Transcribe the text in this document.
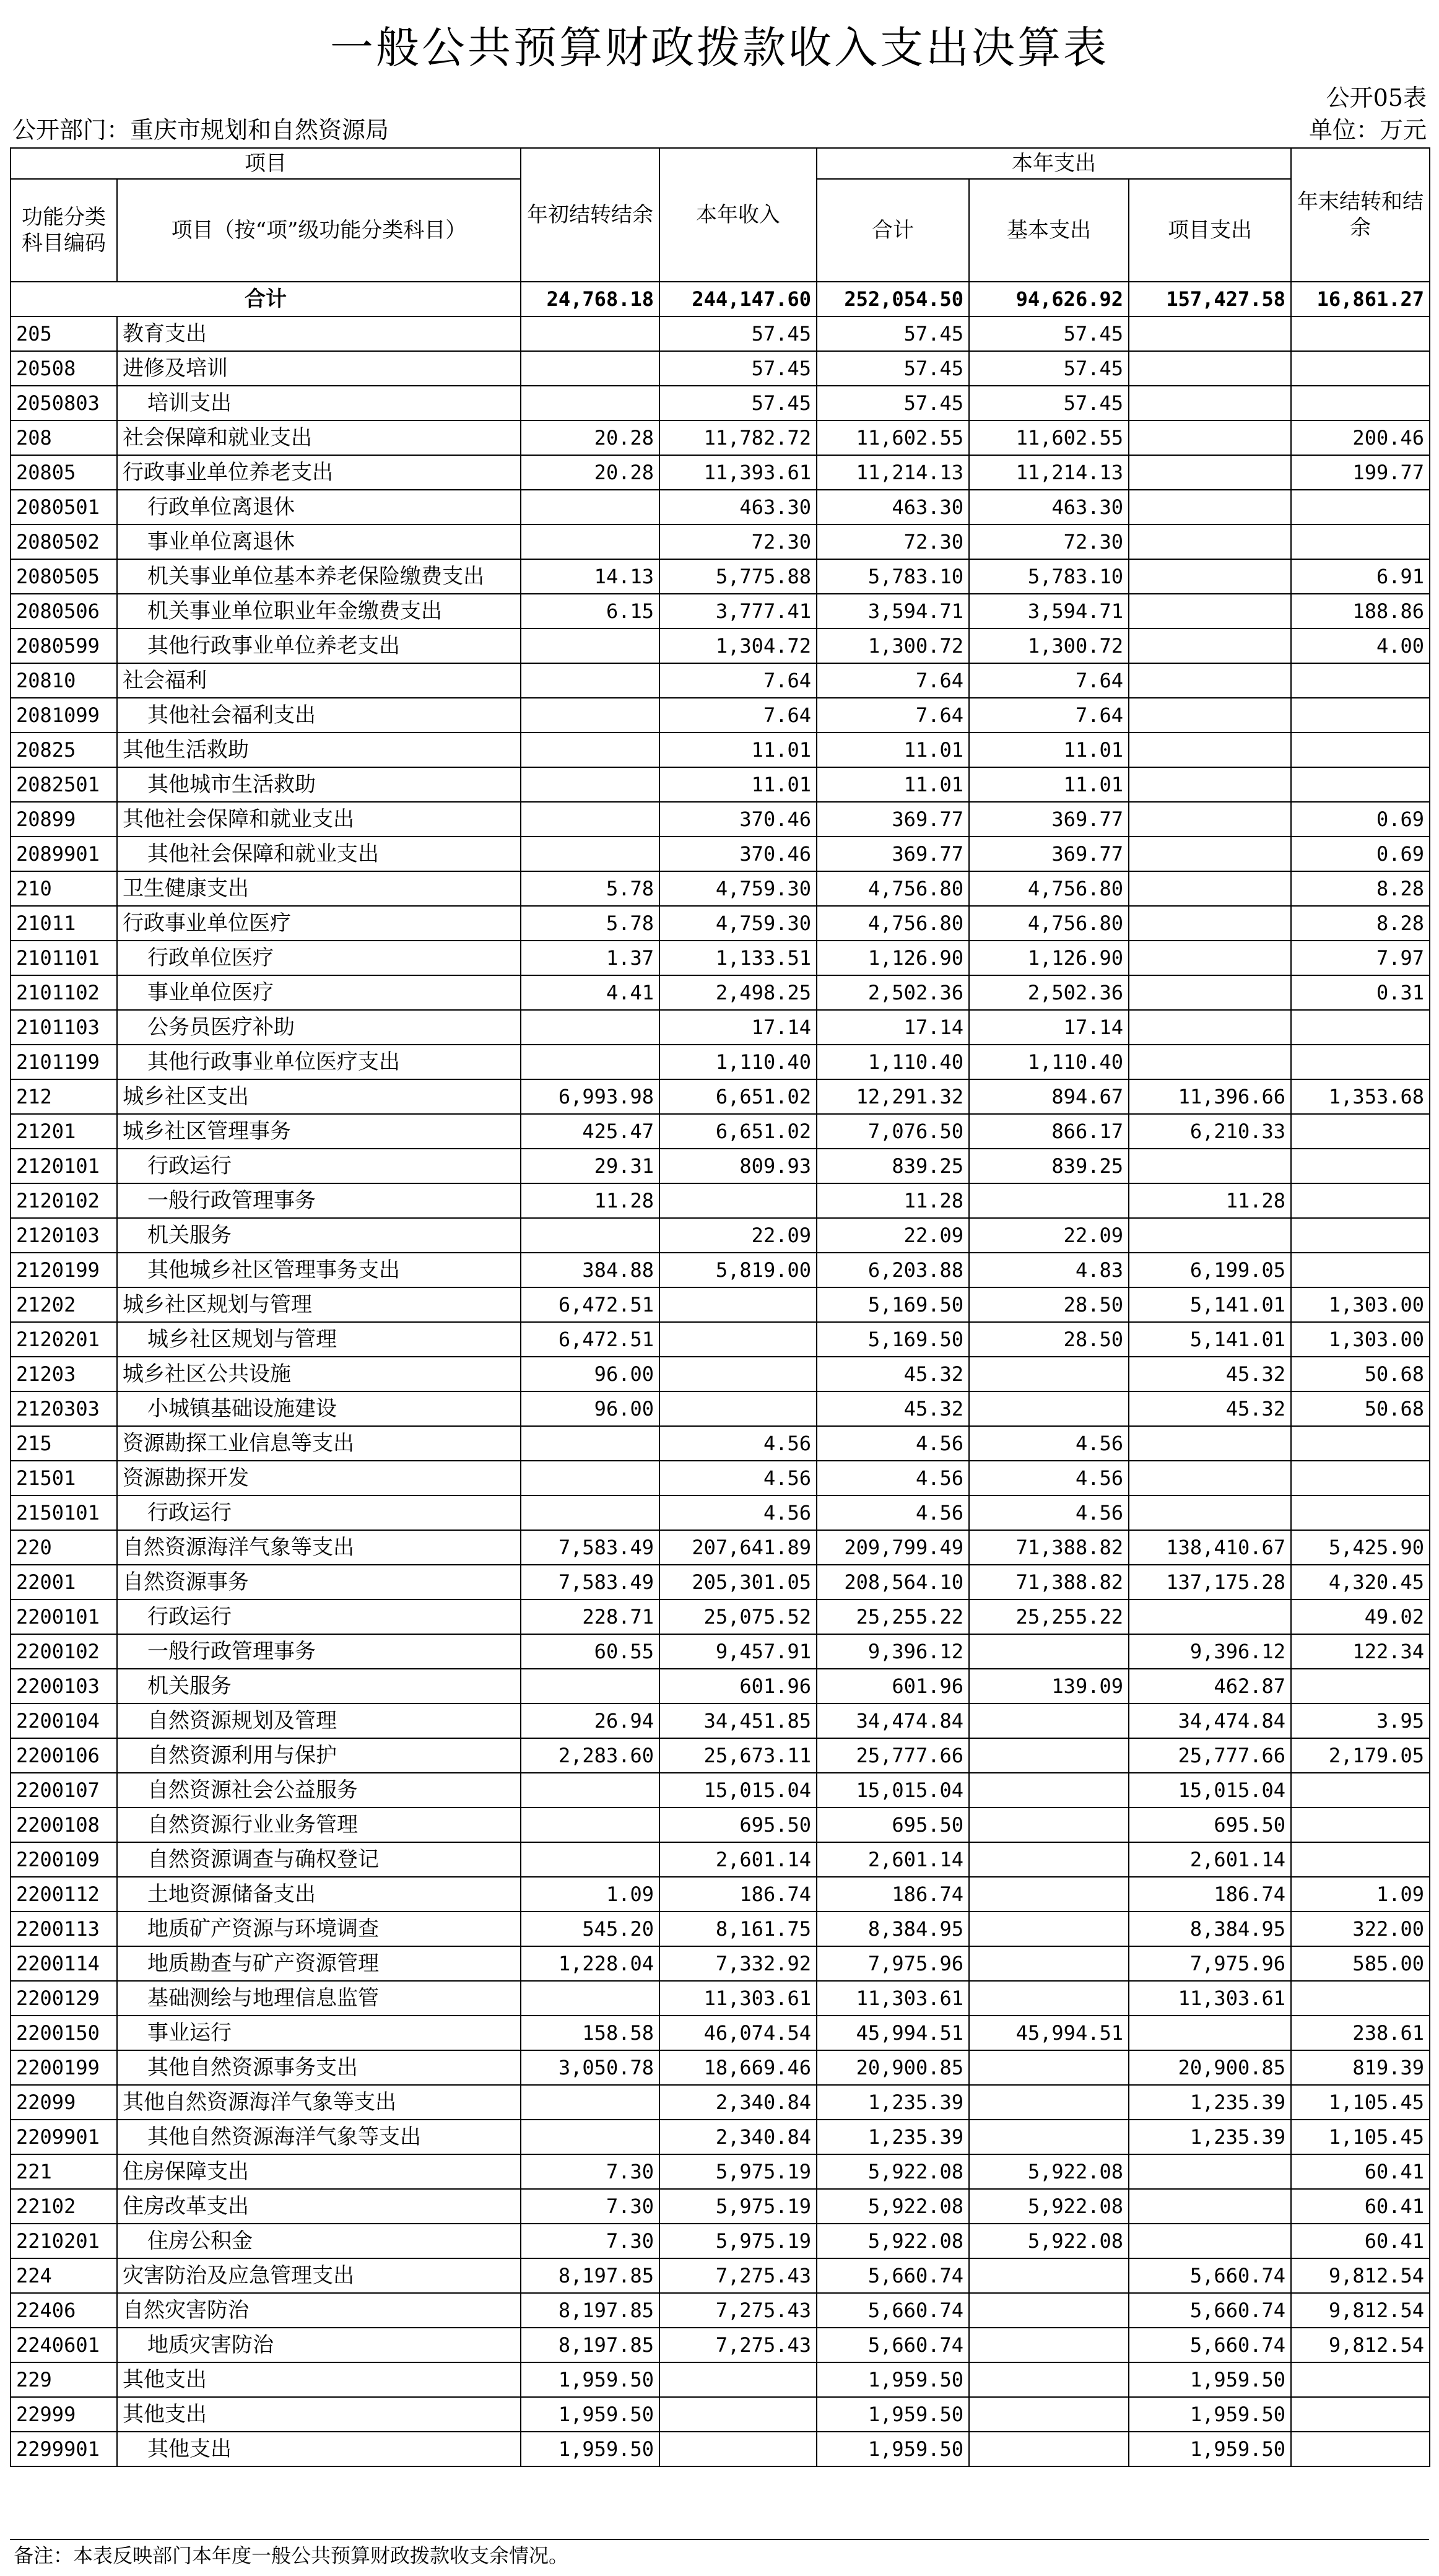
一般公共预算财政拨款收入支出决算表
公开05表
公开部门：重庆市规划和自然资源局	单位：万元
项目		年初结转结余	本年收入	本年支出			年末结转和结余
功能分类科目编码	项目（按“项”级功能分类科目）			合计	基本支出	项目支出	
合计		24,768.18	244,147.60	252,054.50	94,626.92	157,427.58	16,861.27
205	教育支出		57.45	57.45	57.45		
20508	进修及培训		57.45	57.45	57.45		
2050803	培训支出		57.45	57.45	57.45		
208	社会保障和就业支出	20.28	11,782.72	11,602.55	11,602.55		200.46
20805	行政事业单位养老支出	20.28	11,393.61	11,214.13	11,214.13		199.77
2080501	行政单位离退休		463.30	463.30	463.30		
2080502	事业单位离退休		72.30	72.30	72.30		
2080505	机关事业单位基本养老保险缴费支出	14.13	5,775.88	5,783.10	5,783.10		6.91
2080506	机关事业单位职业年金缴费支出	6.15	3,777.41	3,594.71	3,594.71		188.86
2080599	其他行政事业单位养老支出		1,304.72	1,300.72	1,300.72		4.00
20810	社会福利		7.64	7.64	7.64		
2081099	其他社会福利支出		7.64	7.64	7.64		
20825	其他生活救助		11.01	11.01	11.01		
2082501	其他城市生活救助		11.01	11.01	11.01		
20899	其他社会保障和就业支出		370.46	369.77	369.77		0.69
2089901	其他社会保障和就业支出		370.46	369.77	369.77		0.69
210	卫生健康支出	5.78	4,759.30	4,756.80	4,756.80		8.28
21011	行政事业单位医疗	5.78	4,759.30	4,756.80	4,756.80		8.28
2101101	行政单位医疗	1.37	1,133.51	1,126.90	1,126.90		7.97
2101102	事业单位医疗	4.41	2,498.25	2,502.36	2,502.36		0.31
2101103	公务员医疗补助		17.14	17.14	17.14		
2101199	其他行政事业单位医疗支出		1,110.40	1,110.40	1,110.40		
212	城乡社区支出	6,993.98	6,651.02	12,291.32	894.67	11,396.66	1,353.68
21201	城乡社区管理事务	425.47	6,651.02	7,076.50	866.17	6,210.33	
2120101	行政运行	29.31	809.93	839.25	839.25		
2120102	一般行政管理事务	11.28		11.28		11.28	
2120103	机关服务		22.09	22.09	22.09		
2120199	其他城乡社区管理事务支出	384.88	5,819.00	6,203.88	4.83	6,199.05	
21202	城乡社区规划与管理	6,472.51		5,169.50	28.50	5,141.01	1,303.00
2120201	城乡社区规划与管理	6,472.51		5,169.50	28.50	5,141.01	1,303.00
21203	城乡社区公共设施	96.00		45.32		45.32	50.68
2120303	小城镇基础设施建设	96.00		45.32		45.32	50.68
215	资源勘探工业信息等支出		4.56	4.56	4.56		
21501	资源勘探开发		4.56	4.56	4.56		
2150101	行政运行		4.56	4.56	4.56		
220	自然资源海洋气象等支出	7,583.49	207,641.89	209,799.49	71,388.82	138,410.67	5,425.90
22001	自然资源事务	7,583.49	205,301.05	208,564.10	71,388.82	137,175.28	4,320.45
2200101	行政运行	228.71	25,075.52	25,255.22	25,255.22		49.02
2200102	一般行政管理事务	60.55	9,457.91	9,396.12		9,396.12	122.34
2200103	机关服务		601.96	601.96	139.09	462.87	
2200104	自然资源规划及管理	26.94	34,451.85	34,474.84		34,474.84	3.95
2200106	自然资源利用与保护	2,283.60	25,673.11	25,777.66		25,777.66	2,179.05
2200107	自然资源社会公益服务		15,015.04	15,015.04		15,015.04	
2200108	自然资源行业业务管理		695.50	695.50		695.50	
2200109	自然资源调查与确权登记		2,601.14	2,601.14		2,601.14	
2200112	土地资源储备支出	1.09	186.74	186.74		186.74	1.09
2200113	地质矿产资源与环境调查	545.20	8,161.75	8,384.95		8,384.95	322.00
2200114	地质勘查与矿产资源管理	1,228.04	7,332.92	7,975.96		7,975.96	585.00
2200129	基础测绘与地理信息监管		11,303.61	11,303.61		11,303.61	
2200150	事业运行	158.58	46,074.54	45,994.51	45,994.51		238.61
2200199	其他自然资源事务支出	3,050.78	18,669.46	20,900.85		20,900.85	819.39
22099	其他自然资源海洋气象等支出		2,340.84	1,235.39		1,235.39	1,105.45
2209901	其他自然资源海洋气象等支出		2,340.84	1,235.39		1,235.39	1,105.45
221	住房保障支出	7.30	5,975.19	5,922.08	5,922.08		60.41
22102	住房改革支出	7.30	5,975.19	5,922.08	5,922.08		60.41
2210201	住房公积金	7.30	5,975.19	5,922.08	5,922.08		60.41
224	灾害防治及应急管理支出	8,197.85	7,275.43	5,660.74		5,660.74	9,812.54
22406	自然灾害防治	8,197.85	7,275.43	5,660.74		5,660.74	9,812.54
2240601	地质灾害防治	8,197.85	7,275.43	5,660.74		5,660.74	9,812.54
229	其他支出	1,959.50		1,959.50		1,959.50	
22999	其他支出	1,959.50		1,959.50		1,959.50	
2299901	其他支出	1,959.50		1,959.50		1,959.50	
备注：本表反映部门本年度一般公共预算财政拨款收支余情况。
